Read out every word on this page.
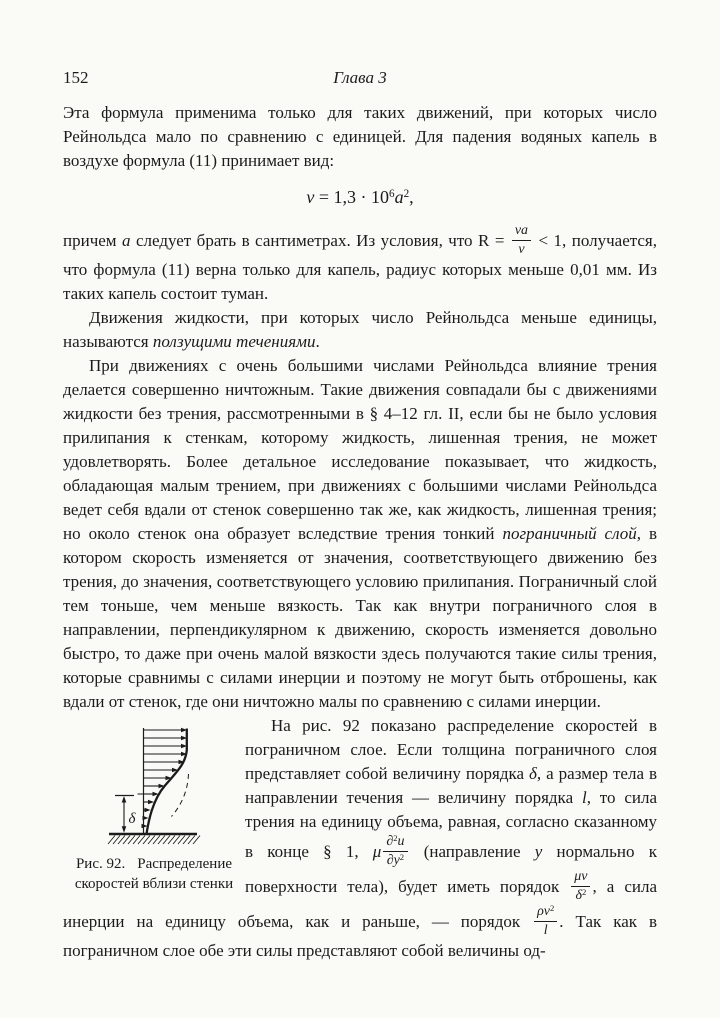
152	Глава 3

Эта формула применима только для таких движений, при которых число Рейнольдса мало по сравнению с единицей. Для падения водяных капель в воздухе формула (11) принимает вид:

$v = 1,3 \cdot 10^6a^2$,

причем a следует брать в сантиметрах. Из условия, что $R = \frac{va}{\nu} < 1$, получается, что формула (11) верна только для капель, радиус которых меньше 0,01 мм. Из таких капель состоит туман.

Движения жидкости, при которых число Рейнольдса меньше единицы, называются ползущими течениями.

При движениях с очень большими числами Рейнольдса влияние трения делается совершенно ничтожным. Такие движения совпадали бы с движениями жидкости без трения, рассмотренными в § 4–12 гл. II, если бы не было условия прилипания к стенкам, которому жидкость, лишенная трения, не может удовлетворять. Более детальное исследование показывает, что жидкость, обладающая малым трением, при движениях с большими числами Рейнольдса ведет себя вдали от стенок совершенно так же, как жидкость, лишенная трения; но около стенок она образует вследствие трения тонкий пограничный слой, в котором скорость изменяется от значения, соответствующего движению без трения, до значения, соответствующего условию прилипания. Пограничный слой тем тоньше, чем меньше вязкость. Так как внутри пограничного слоя в направлении, перпендикулярном к движению, скорость изменяется довольно быстро, то даже при очень малой вязкости здесь получаются такие силы трения, которые сравнимы с силами инерции и поэтому не могут быть отброшены, как вдали от стенок, где они ничтожно малы по сравнению с силами инерции.

δ
Рис. 92. Распределение скоростей вблизи стенки
На рис. 92 показано распределение скоростей в пограничном слое. Если толщина пограничного слоя представляет собой величину порядка δ, а размер тела в направлении течения — величину порядка l, то сила трения на единицу объема, равная, согласно сказанному в конце § 1, μ $\frac{\partial^2u}{\partial y^2}$ (направление y нормально к поверхности тела), будет иметь порядок $\frac{\mu v}{\delta^2}$ , а сила инерции на единицу объема, как и раньше, — порядок $\frac{\rho v^2}{l}$ . Так как в пограничном слое обе эти силы представляют собой величины од-
